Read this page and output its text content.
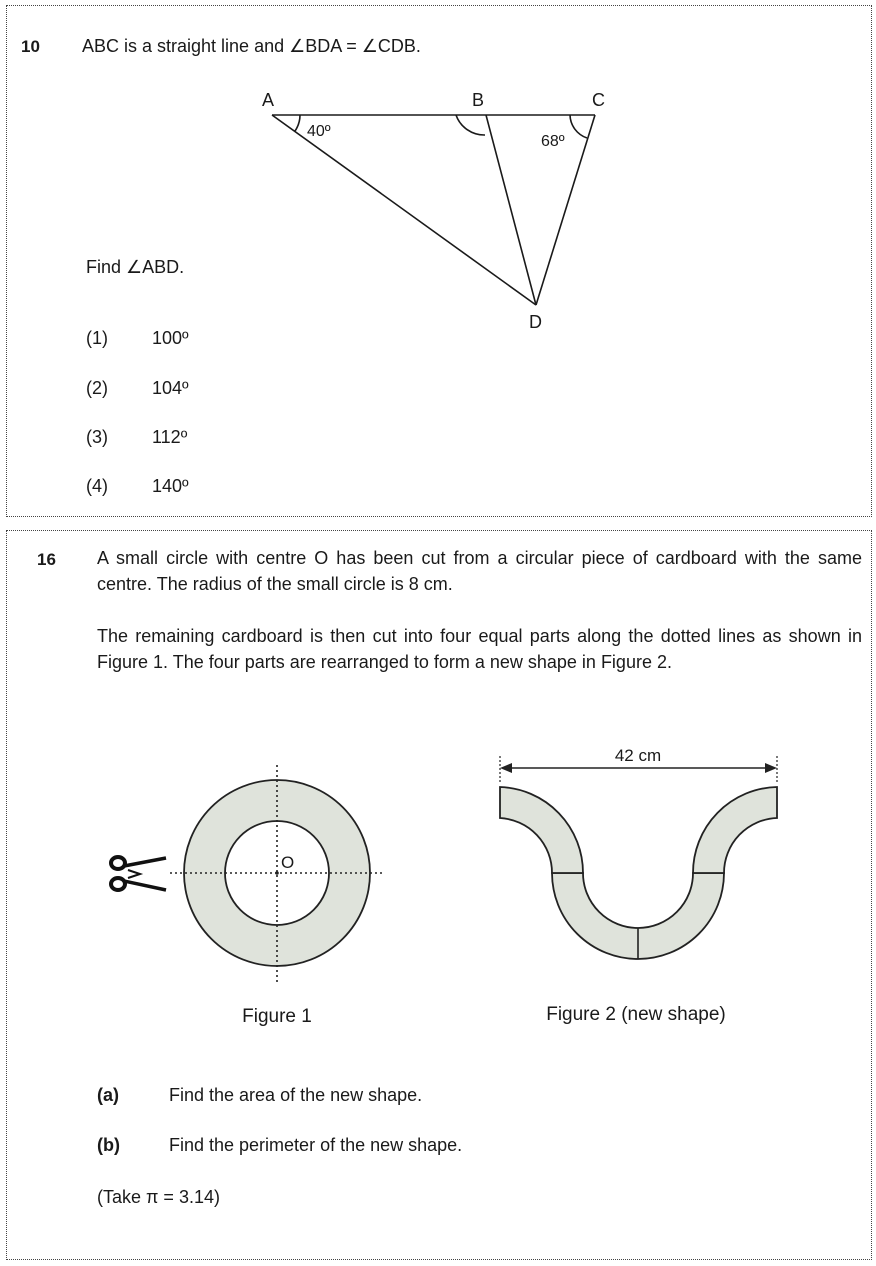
10 ABC is a straight line and ∠BDA = ∠CDB.
A	B	C
D
40º
68º
Find ∠ABD.
(1) 100º
(2) 104º
(3) 112º
(4) 140º
16 A small circle with centre O has been cut from a circular piece of cardboard with the same centre. The radius of the small circle is 8 cm.
The remaining cardboard is then cut into four equal parts along the dotted lines as shown in Figure 1. The four parts are rearranged to form a new shape in Figure 2.
O
42 cm
Figure 1	Figure 2 (new shape)
(a)	Find the area of the new shape.
(b)	Find the perimeter of the new shape.
(Take π = 3.14)
